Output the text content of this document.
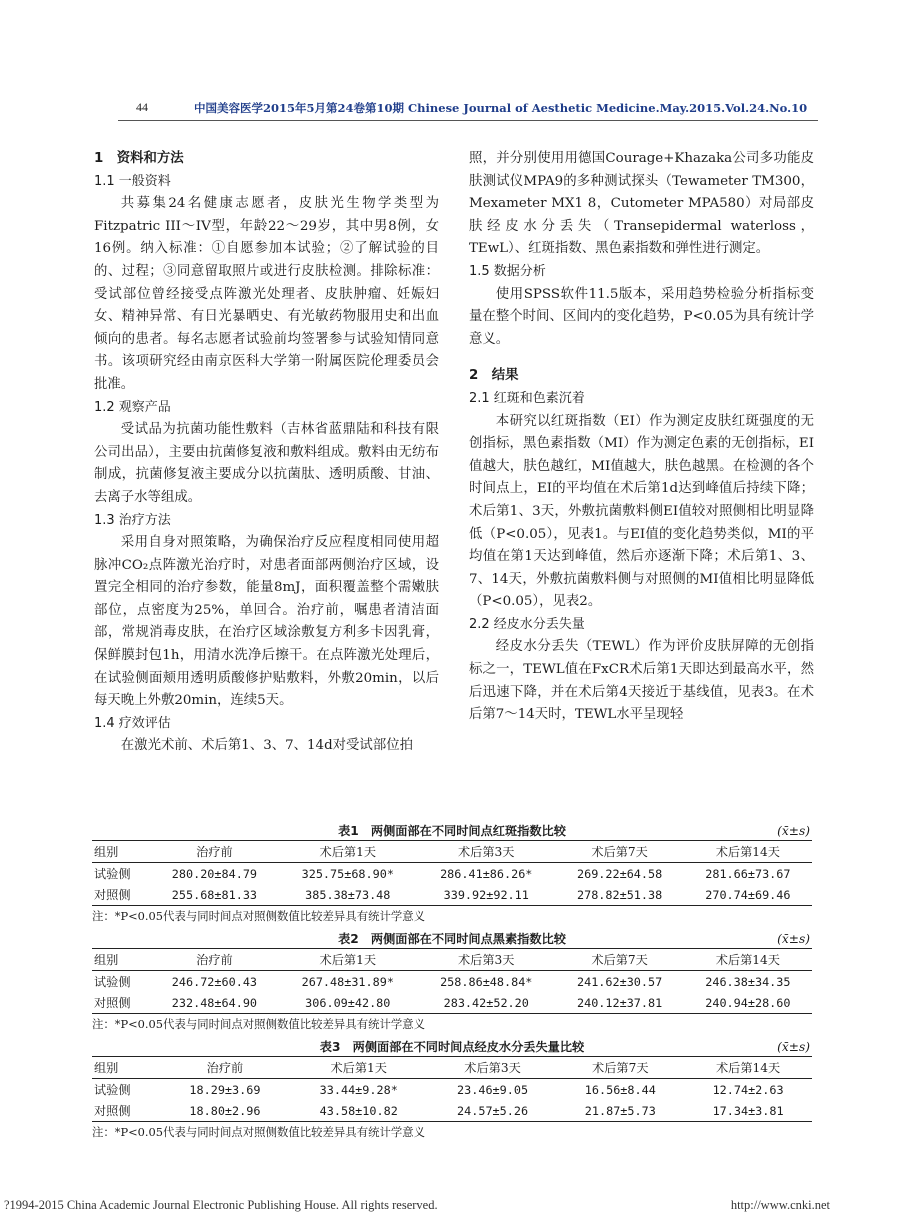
44	中国美容医学2015年5月第24卷第10期 Chinese Journal of Aesthetic Medicine.May.2015.Vol.24.No.10
1　资料和方法
1.1 一般资料

共募集24名健康志愿者，皮肤光生物学类型为Fitzpatric III～IV型，年龄22～29岁，其中男8例，女16例。纳入标准：①自愿参加本试验；②了解试验的目的、过程；③同意留取照片或进行皮肤检测。排除标准：受试部位曾经接受点阵激光处理者、皮肤肿瘤、妊娠妇女、精神异常、有日光暴晒史、有光敏药物服用史和出血倾向的患者。每名志愿者试验前均签署参与试验知情同意书。该项研究经由南京医科大学第一附属医院伦理委员会批准。

1.2 观察产品

受试品为抗菌功能性敷料（吉林省蓝鼎陆和科技有限公司出品），主要由抗菌修复液和敷料组成。敷料由无纺布制成，抗菌修复液主要成分以抗菌肽、透明质酸、甘油、去离子水等组成。

1.3 治疗方法

采用自身对照策略，为确保治疗反应程度相同使用超脉冲CO₂点阵激光治疗时，对患者面部两侧治疗区域，设置完全相同的治疗参数，能量8mJ，面积覆盖整个需嫩肤部位，点密度为25%，单回合。治疗前，嘱患者清洁面部，常规消毒皮肤，在治疗区域涂敷复方利多卡因乳膏，保鲜膜封包1h，用清水洗净后擦干。在点阵激光处理后，在试验侧面颊用透明质酸修护贴敷料，外敷20min，以后每天晚上外敷20min，连续5天。

1.4 疗效评估

在激光术前、术后第1、3、7、14d对受试部位拍

照，并分别使用用德国Courage+Khazaka公司多功能皮肤测试仪MPA9的多种测试探头（Tewameter TM300，Mexameter MX1 8，Cutometer MPA580）对局部皮肤经皮水分丢失（Transepidermal waterloss，TEwL）、红斑指数、黑色素指数和弹性进行测定。

1.5 数据分析

使用SPSS软件11.5版本，采用趋势检验分析指标变量在整个时间、区间内的变化趋势，P<0.05为具有统计学意义。

2　结果
2.1 红斑和色素沉着

本研究以红斑指数（EI）作为测定皮肤红斑强度的无创指标，黑色素指数（MI）作为测定色素的无创指标，EI值越大，肤色越红，MI值越大，肤色越黑。在检测的各个时间点上，EI的平均值在术后第1d达到峰值后持续下降；术后第1、3天，外敷抗菌敷料侧EI值较对照侧相比明显降低（P<0.05），见表1。与EI值的变化趋势类似，MI的平均值在第1天达到峰值，然后亦逐渐下降；术后第1、3、7、14天，外敷抗菌敷料侧与对照侧的MI值相比明显降低（P<0.05），见表2。

2.2 经皮水分丢失量

经皮水分丢失（TEWL）作为评价皮肤屏障的无创指标之一，TEWL值在FxCR术后第1天即达到最高水平，然后迅速下降，并在术后第4天接近于基线值，见表3。在术后第7～14天时，TEWL水平呈现轻

表1　两侧面部在不同时间点红斑指数比较	(x̄±s)
组别	治疗前	术后第1天	术后第3天	术后第7天	术后第14天
试验侧	280.20±84.79	325.75±68.90*	286.41±86.26*	269.22±64.58	281.66±73.67
对照侧	255.68±81.33	385.38±73.48	339.92±92.11	278.82±51.38	270.74±69.46
注：*P<0.05代表与同时间点对照侧数值比较差异具有统计学意义
表2　两侧面部在不同时间点黑素指数比较	(x̄±s)
组别	治疗前	术后第1天	术后第3天	术后第7天	术后第14天
试验侧	246.72±60.43	267.48±31.89*	258.86±48.84*	241.62±30.57	246.38±34.35
对照侧	232.48±64.90	306.09±42.80	283.42±52.20	240.12±37.81	240.94±28.60
注：*P<0.05代表与同时间点对照侧数值比较差异具有统计学意义
表3　两侧面部在不同时间点经皮水分丢失量比较	(x̄±s)
组别	治疗前	术后第1天	术后第3天	术后第7天	术后第14天
试验侧	18.29±3.69	33.44±9.28*	23.46±9.05	16.56±8.44	12.74±2.63
对照侧	18.80±2.96	43.58±10.82	24.57±5.26	21.87±5.73	17.34±3.81
注：*P<0.05代表与同时间点对照侧数值比较差异具有统计学意义
?1994-2015 China Academic Journal Electronic Publishing House. All rights reserved.	http://www.cnki.net
